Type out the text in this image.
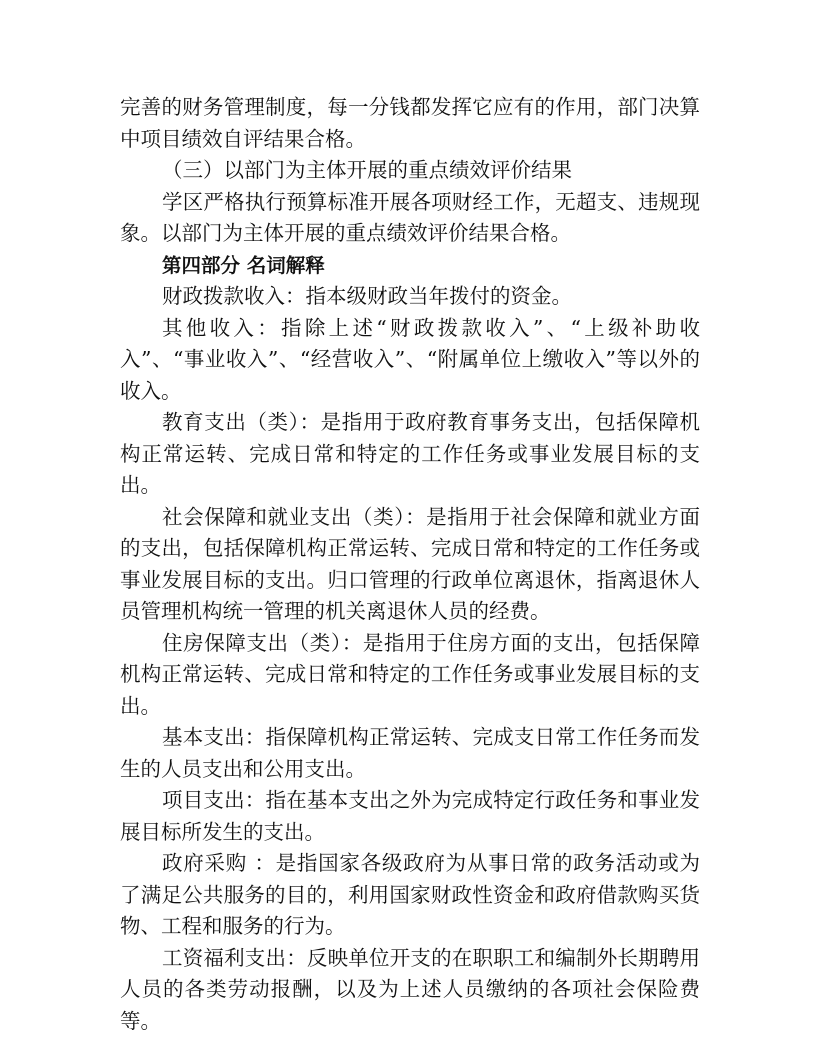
完善的财务管理制度，每一分钱都发挥它应有的作用，部门决算中项目绩效自评结果合格。

（三）以部门为主体开展的重点绩效评价结果

学区严格执行预算标准开展各项财经工作，无超支、违规现象。以部门为主体开展的重点绩效评价结果合格。

第四部分 名词解释

财政拨款收入：指本级财政当年拨付的资金。

其他收入：指除上述“财政拨款收入”、“上级补助收入”、“事业收入”、“经营收入”、“附属单位上缴收入”等以外的收入。

教育支出（类）：是指用于政府教育事务支出，包括保障机构正常运转、完成日常和特定的工作任务或事业发展目标的支出。

社会保障和就业支出（类）：是指用于社会保障和就业方面的支出，包括保障机构正常运转、完成日常和特定的工作任务或事业发展目标的支出。归口管理的行政单位离退休，指离退休人员管理机构统一管理的机关离退休人员的经费。

住房保障支出（类）：是指用于住房方面的支出，包括保障机构正常运转、完成日常和特定的工作任务或事业发展目标的支出。

基本支出：指保障机构正常运转、完成支日常工作任务而发生的人员支出和公用支出。

项目支出：指在基本支出之外为完成特定行政任务和事业发展目标所发生的支出。

政府采购 ：是指国家各级政府为从事日常的政务活动或为了满足公共服务的目的，利用国家财政性资金和政府借款购买货物、工程和服务的行为。

工资福利支出：反映单位开支的在职职工和编制外长期聘用人员的各类劳动报酬，以及为上述人员缴纳的各项社会保险费等。
